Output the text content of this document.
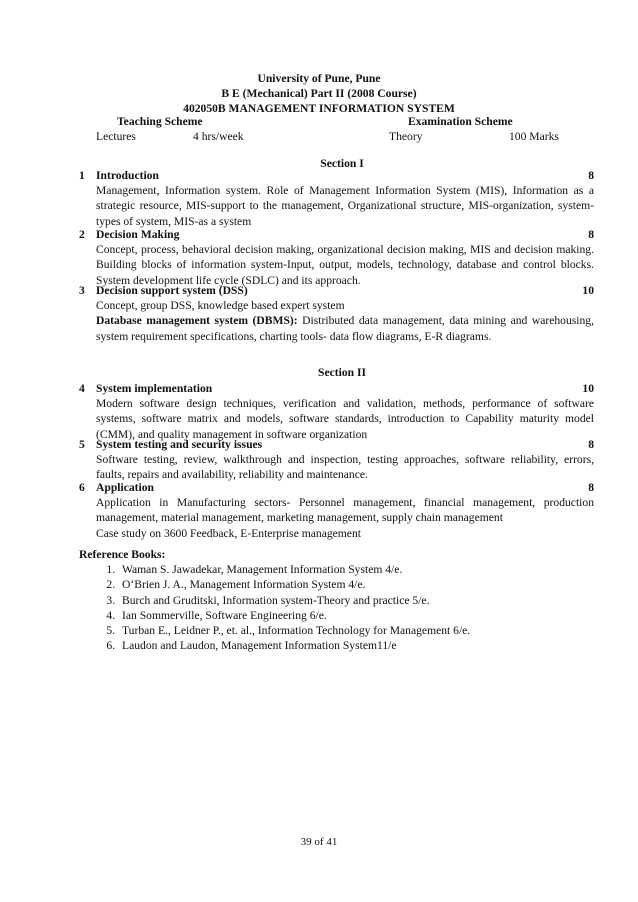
University of Pune, Pune
B E (Mechanical) Part II (2008 Course)
402050B MANAGEMENT INFORMATION SYSTEM
Teaching Scheme	Examination Scheme
Lectures	4 hrs/week	Theory	100 Marks
Section I
1 Introduction	8
Management, Information system. Role of Management Information System (MIS), Information as a strategic resource, MIS-support to the management, Organizational structure, MIS-organization, system- types of system, MIS-as a system
2 Decision Making	8
Concept, process, behavioral decision making, organizational decision making, MIS and decision making. Building blocks of information system-Input, output, models, technology, database and control blocks. System development life cycle (SDLC) and its approach.
3 Decision support system (DSS)	10
Concept, group DSS, knowledge based expert system
Database management system (DBMS): Distributed data management, data mining and warehousing, system requirement specifications, charting tools- data flow diagrams, E-R diagrams.
Section II
4 System implementation	10
Modern software design techniques, verification and validation, methods, performance of software systems, software matrix and models, software standards, introduction to Capability maturity model (CMM), and quality management in software organization
5 System testing and security issues	8
Software testing, review, walkthrough and inspection, testing approaches, software reliability, errors, faults, repairs and availability, reliability and maintenance.
6 Application	8
Application in Manufacturing sectors- Personnel management, financial management, production management, material management, marketing management, supply chain management
Case study on 3600 Feedback, E-Enterprise management
Reference Books:
1. Waman S. Jawadekar, Management Information System 4/e.
2. O‘Brien J. A., Management Information System 4/e.
3. Burch and Gruditski, Information system-Theory and practice 5/e.
4. Ian Sommerville, Software Engineering 6/e.
5. Turban E., Leidner P., et. al., Information Technology for Management 6/e.
6. Laudon and Laudon, Management Information System11/e
39 of 41
